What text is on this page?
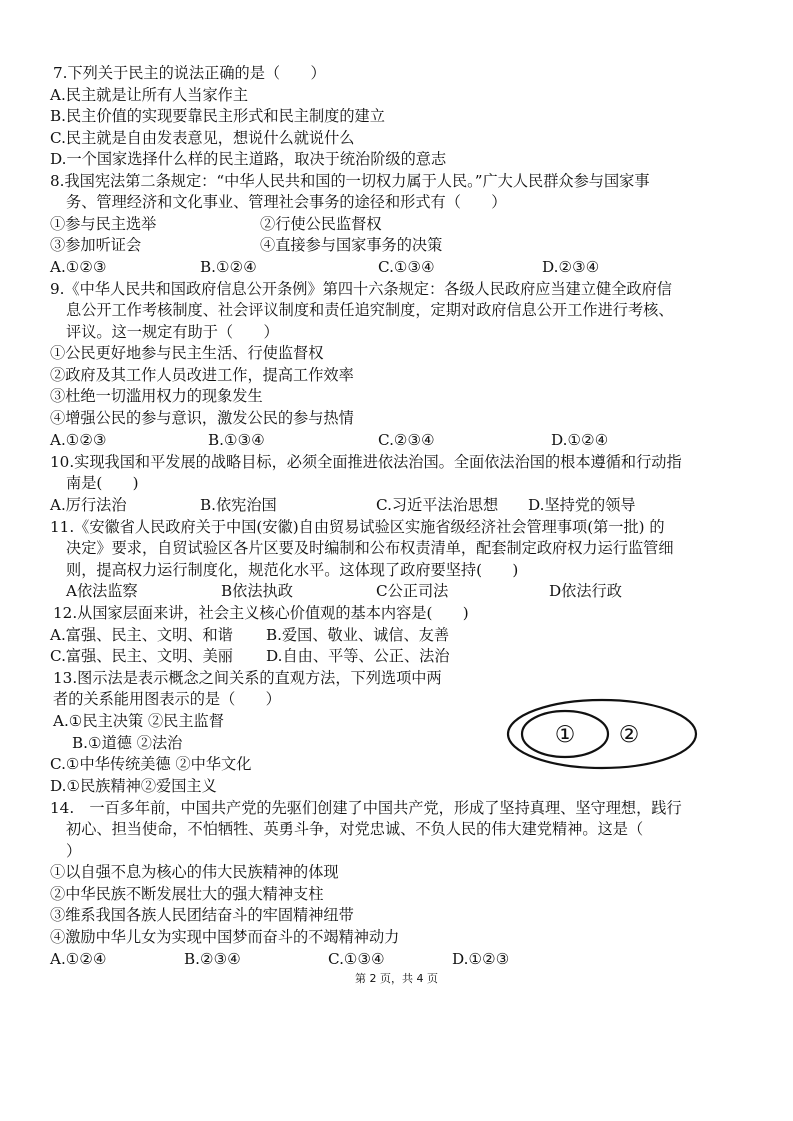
7.下列关于民主的说法正确的是（　　）
A.民主就是让所有人当家作主
B.民主价值的实现要靠民主形式和民主制度的建立
C.民主就是自由发表意见，想说什么就说什么
D.一个国家选择什么样的民主道路，取决于统治阶级的意志
8.我国宪法第二条规定：“中华人民共和国的一切权力属于人民。”广大人民群众参与国家事
务、管理经济和文化事业、管理社会事务的途径和形式有（　　）
①参与民主选举	②行使公民监督权
③参加听证会	④直接参与国家事务的决策
A.①②③	B.①②④	C.①③④	D.②③④
9.《中华人民共和国政府信息公开条例》第四十六条规定：各级人民政府应当建立健全政府信
息公开工作考核制度、社会评议制度和责任追究制度，定期对政府信息公开工作进行考核、
评议。这一规定有助于（　　）
①公民更好地参与民主生活、行使监督权
②政府及其工作人员改进工作，提高工作效率
③杜绝一切滥用权力的现象发生
④增强公民的参与意识，激发公民的参与热情
A.①②③	B.①③④	C.②③④	D.①②④
10.实现我国和平发展的战略目标，必须全面推进依法治国。全面依法治国的根本遵循和行动指
南是(　　)
A.厉行法治	B.依宪治国	C.习近平法治思想 D.坚持党的领导
11.《安徽省人民政府关于中国(安徽)自由贸易试验区实施省级经济社会管理事项(第一批) 的
决定》要求，自贸试验区各片区要及时编制和公布权责清单，配套制定政府权力运行监管细
则，提高权力运行制度化，规范化水平。这体现了政府要坚持(　　)
A依法监察	B依法执政	C公正司法	D依法行政
12.从国家层面来讲，社会主义核心价值观的基本内容是(　　)
A.富强、民主、文明、和谐 B.爱国、敬业、诚信、友善
C.富强、民主、文明、美丽 D.自由、平等、公正、法治
13.图示法是表示概念之间关系的直观方法，下列选项中两
者的关系能用图表示的是（　　）
A.①民主决策 ②民主监督
B.①道德 ②法治
C.①中华传统美德 ②中华文化
D.①民族精神②爱国主义
① ②
14.　一百多年前，中国共产党的先驱们创建了中国共产党，形成了坚持真理、坚守理想，践行
初心、担当使命，不怕牺牲、英勇斗争，对党忠诚、不负人民的伟大建党精神。这是（
）
①以自强不息为核心的伟大民族精神的体现
②中华民族不断发展壮大的强大精神支柱
③维系我国各族人民团结奋斗的牢固精神纽带
④激励中华儿女为实现中国梦而奋斗的不竭精神动力
A.①②④	B.②③④	C.①③④	D.①②③
第 2 页，共 4 页
